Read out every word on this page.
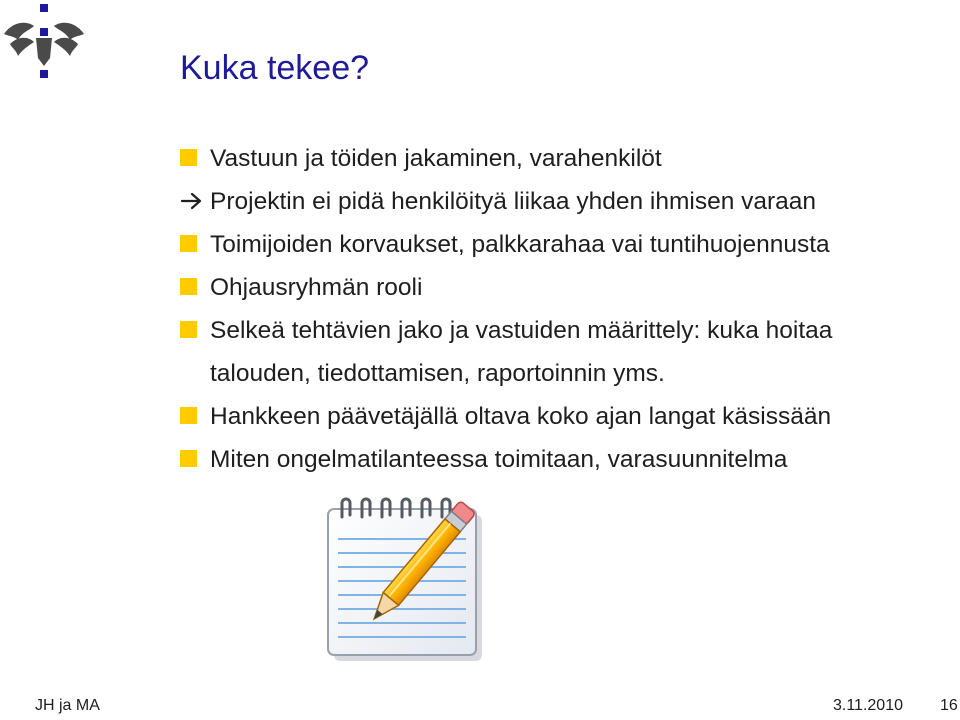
Kuka tekee?
Vastuun ja töiden jakaminen, varahenkilöt
Projektin ei pidä henkilöityä liikaa yhden ihmisen varaan
Toimijoiden korvaukset, palkkarahaa vai tuntihuojennusta
Ohjausryhmän rooli
Selkeä tehtävien jako ja vastuiden määrittely: kuka hoitaa
talouden, tiedottamisen, raportoinnin yms.
Hankkeen päävetäjällä oltava koko ajan langat käsissään
Miten ongelmatilanteessa toimitaan, varasuunnitelma
JH ja MA	3.11.2010 16
